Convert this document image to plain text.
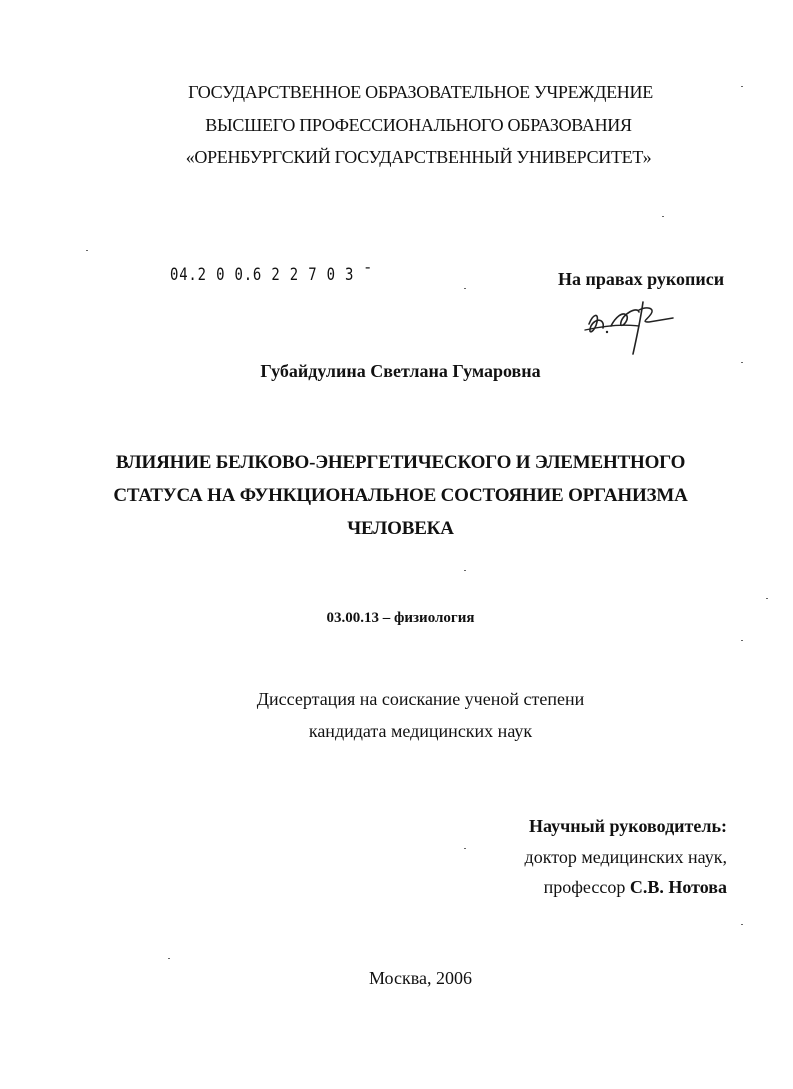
ГОСУДАРСТВЕННОЕ ОБРАЗОВАТЕЛЬНОЕ УЧРЕЖДЕНИЕ
ВЫСШЕГО ПРОФЕССИОНАЛЬНОГО ОБРАЗОВАНИЯ
«ОРЕНБУРГСКИЙ ГОСУДАРСТВЕННЫЙ УНИВЕРСИТЕТ»
04.2 0 0.6 2 2 7 0 3 ˉ	На правах рукописи
Губайдулина Светлана Гумаровна
ВЛИЯНИЕ БЕЛКОВО-ЭНЕРГЕТИЧЕСКОГО И ЭЛЕМЕНТНОГО
СТАТУСА НА ФУНКЦИОНАЛЬНОЕ СОСТОЯНИЕ ОРГАНИЗМА
ЧЕЛОВЕКА
03.00.13 – физиология
Диссертация на соискание ученой степени
кандидата медицинских наук
Научный руководитель:
доктор медицинских наук,
профессор С.В. Нотова
Москва, 2006
